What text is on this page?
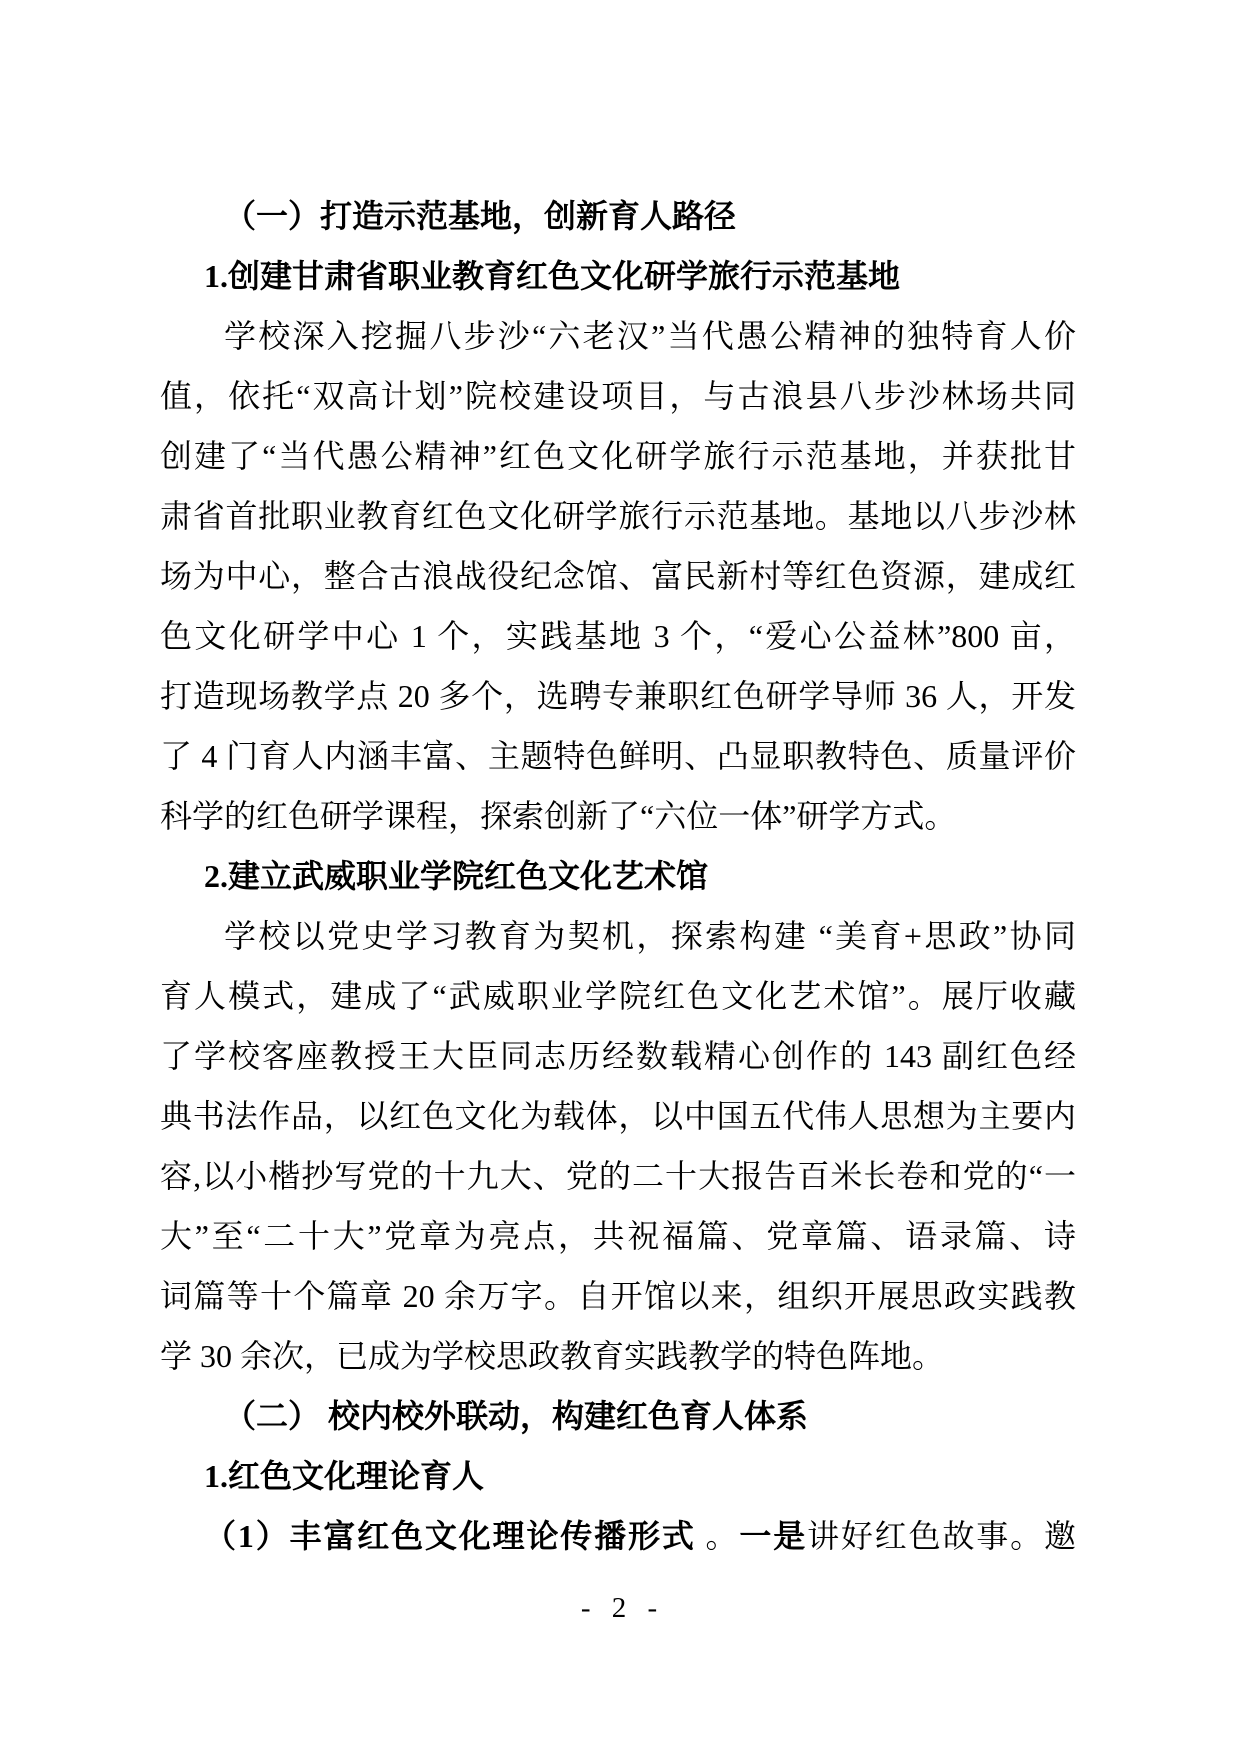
（一）打造示范基地，创新育人路径
1.创建甘肃省职业教育红色文化研学旅行示范基地
学校深入挖掘八步沙“六老汉”当代愚公精神的独特育人价
值，依托“双高计划”院校建设项目，与古浪县八步沙林场共同
创建了“当代愚公精神”红色文化研学旅行示范基地，并获批甘
肃省首批职业教育红色文化研学旅行示范基地。基地以八步沙林
场为中心，整合古浪战役纪念馆、富民新村等红色资源，建成红
色文化研学中心 1 个，实践基地 3 个，“爱心公益林”800 亩，
打造现场教学点 20 多个，选聘专兼职红色研学导师 36 人，开发
了 4 门育人内涵丰富、主题特色鲜明、凸显职教特色、质量评价
科学的红色研学课程，探索创新了“六位一体”研学方式。
2.建立武威职业学院红色文化艺术馆
学校以党史学习教育为契机，探索构建 “美育+思政”协同
育人模式，建成了“武威职业学院红色文化艺术馆”。展厅收藏
了学校客座教授王大臣同志历经数载精心创作的 143 副红色经
典书法作品，以红色文化为载体，以中国五代伟人思想为主要内
容,以小楷抄写党的十九大、党的二十大报告百米长卷和党的“一
大”至“二十大”党章为亮点，共祝福篇、党章篇、语录篇、诗
词篇等十个篇章 20 余万字。自开馆以来，组织开展思政实践教
学 30 余次，已成为学校思政教育实践教学的特色阵地。
（二） 校内校外联动，构建红色育人体系
1.红色文化理论育人
（1）丰富红色文化理论传播形式 。一是讲好红色故事。邀
- 2 -
